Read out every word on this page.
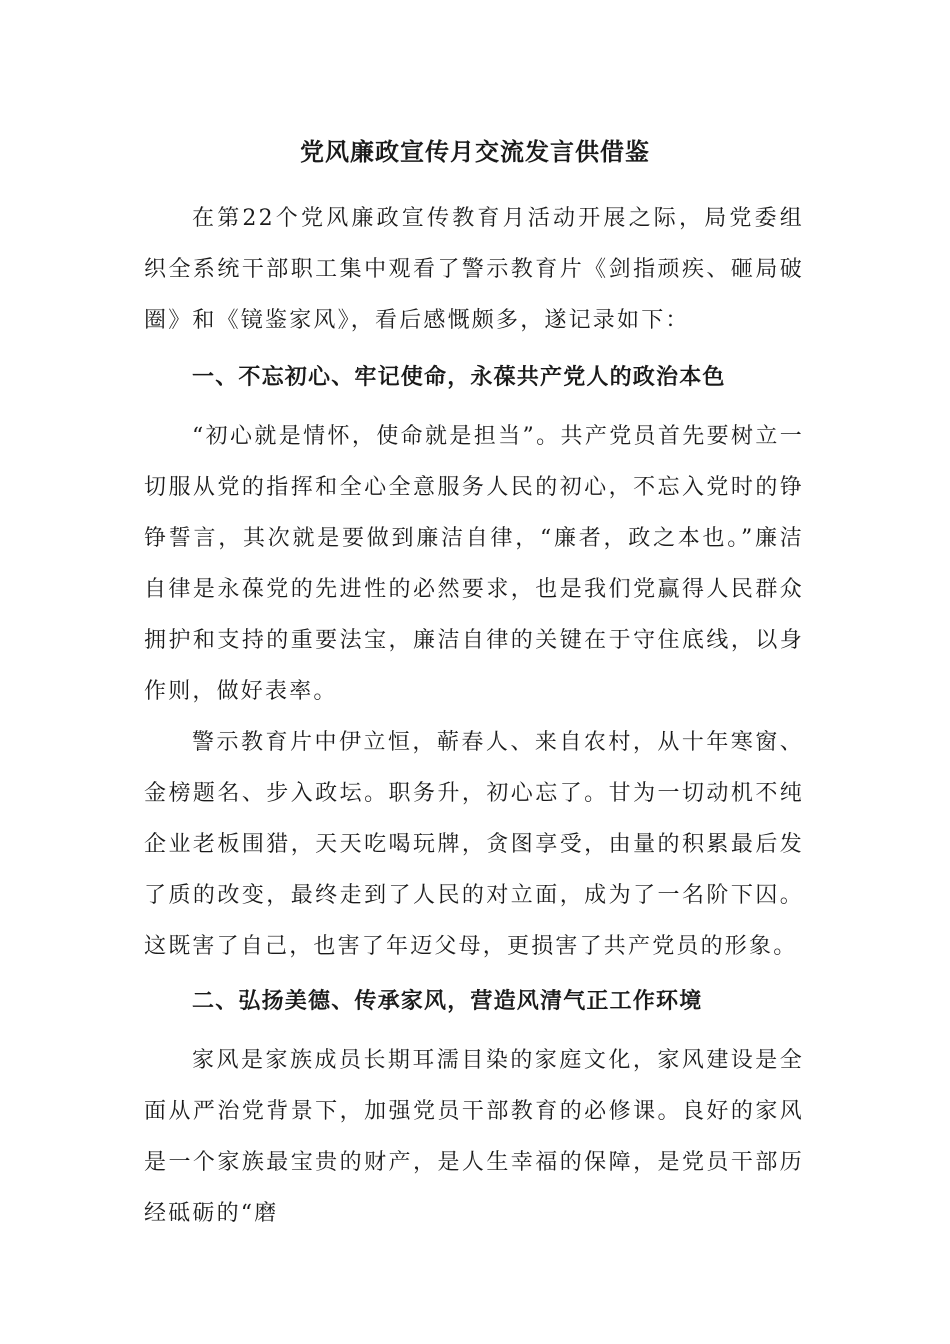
党风廉政宣传月交流发言供借鉴

在第22个党风廉政宣传教育月活动开展之际，局党委组织全系统干部职工集中观看了警示教育片《剑指顽疾、砸局破圈》和《镜鉴家风》，看后感慨颇多，遂记录如下：

一、不忘初心、牢记使命，永葆共产党人的政治本色

“初心就是情怀，使命就是担当”。共产党员首先要树立一切服从党的指挥和全心全意服务人民的初心，不忘入党时的铮铮誓言，其次就是要做到廉洁自律，“廉者，政之本也。”廉洁自律是永葆党的先进性的必然要求，也是我们党赢得人民群众拥护和支持的重要法宝，廉洁自律的关键在于守住底线，以身作则，做好表率。

警示教育片中伊立恒，蕲春人、来自农村，从十年寒窗、金榜题名、步入政坛。职务升，初心忘了。甘为一切动机不纯企业老板围猎，天天吃喝玩牌，贪图享受，由量的积累最后发了质的改变，最终走到了人民的对立面，成为了一名阶下囚。这既害了自己，也害了年迈父母，更损害了共产党员的形象。

二、弘扬美德、传承家风，营造风清气正工作环境

家风是家族成员长期耳濡目染的家庭文化，家风建设是全面从严治党背景下，加强党员干部教育的必修课。良好的家风是一个家族最宝贵的财产，是人生幸福的保障，是党员干部历经砥砺的“磨
